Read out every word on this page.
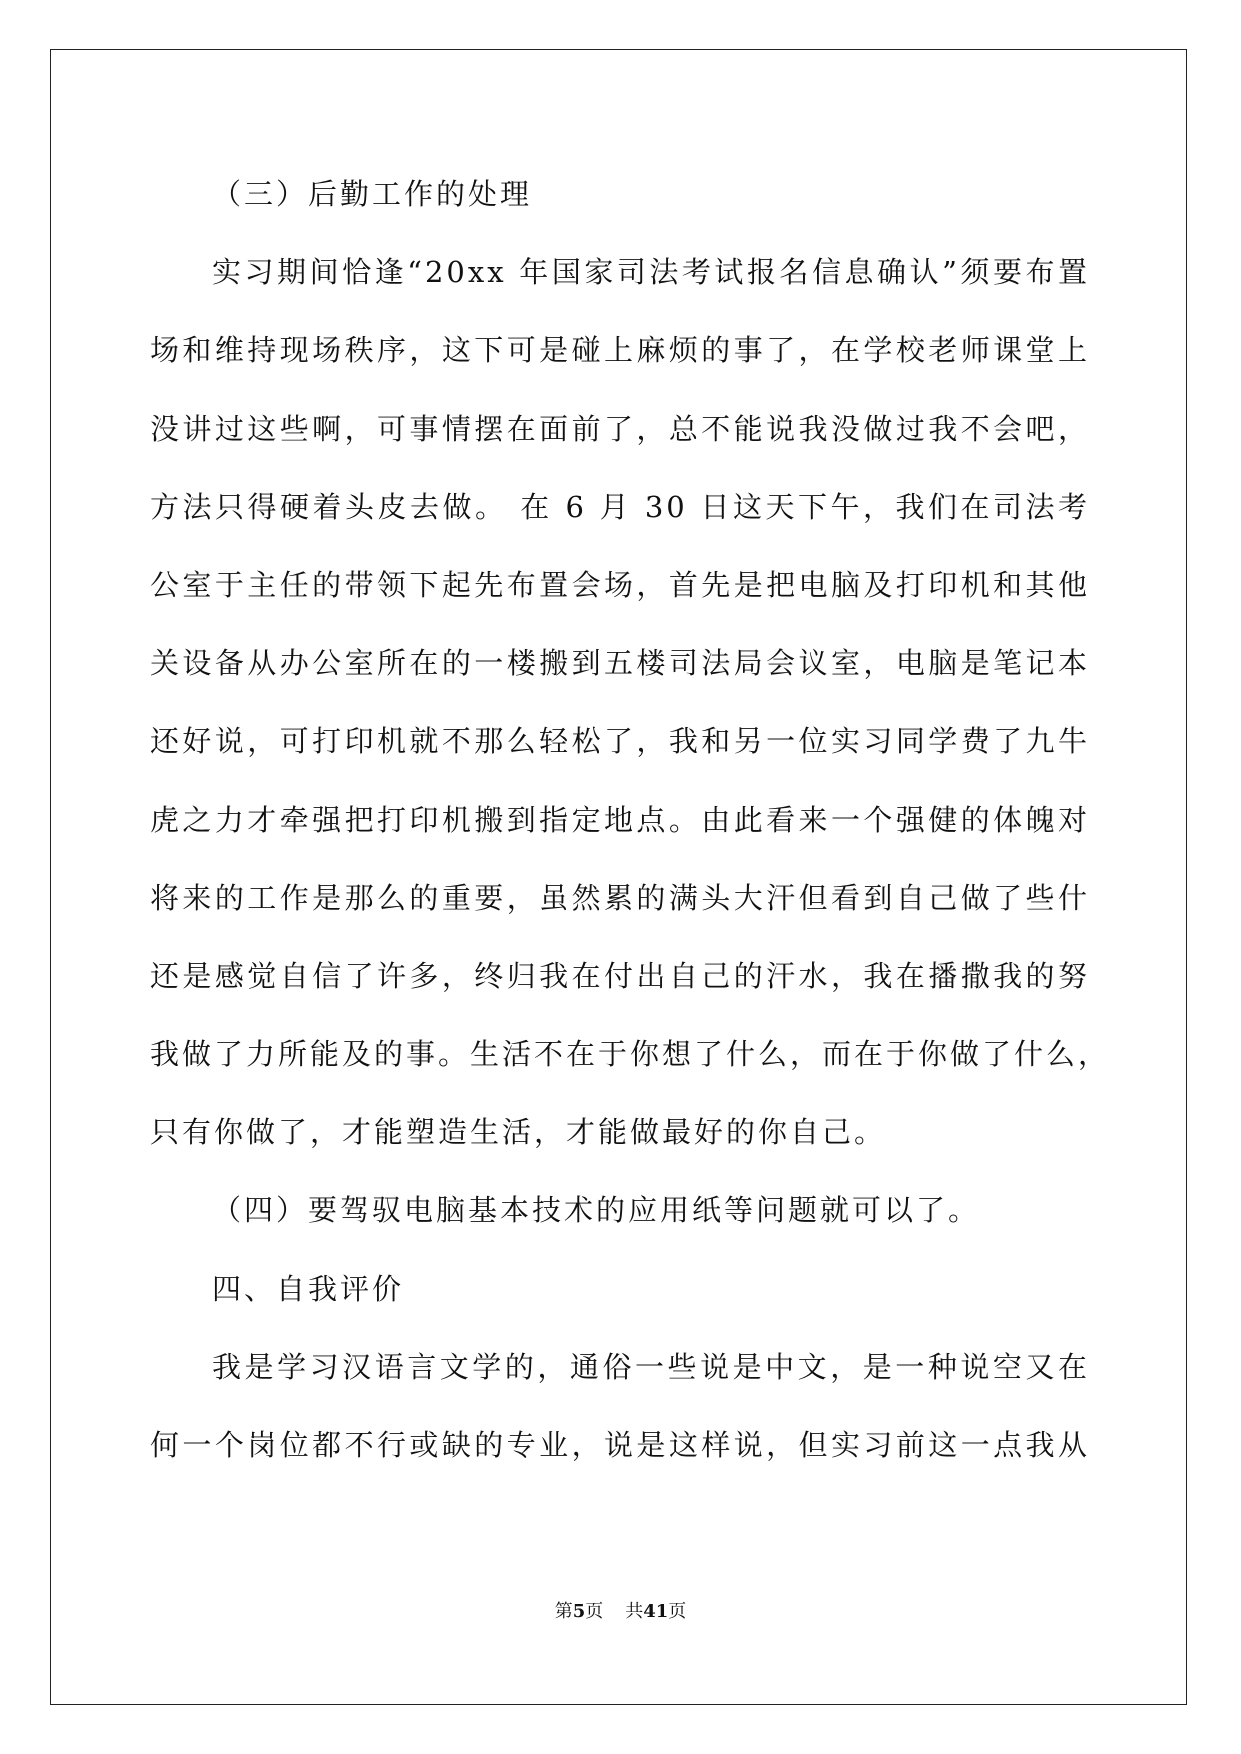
（三）后勤工作的处理
实习期间恰逢“20xx 年国家司法考试报名信息确认”须要布置
场和维持现场秩序，这下可是碰上麻烦的事了，在学校老师课堂上
没讲过这些啊，可事情摆在面前了，总不能说我没做过我不会吧，
方法只得硬着头皮去做。 在 6 月 30 日这天下午，我们在司法考
公室于主任的带领下起先布置会场，首先是把电脑及打印机和其他
关设备从办公室所在的一楼搬到五楼司法局会议室，电脑是笔记本
还好说，可打印机就不那么轻松了，我和另一位实习同学费了九牛
虎之力才牵强把打印机搬到指定地点。由此看来一个强健的体魄对
将来的工作是那么的重要，虽然累的满头大汗但看到自己做了些什
还是感觉自信了许多，终归我在付出自己的汗水，我在播撒我的努
我做了力所能及的事。生活不在于你想了什么，而在于你做了什么，
只有你做了，才能塑造生活，才能做最好的你自己。
（四）要驾驭电脑基本技术的应用纸等问题就可以了。
四、自我评价
我是学习汉语言文学的，通俗一些说是中文，是一种说空又在
何一个岗位都不行或缺的专业，说是这样说，但实习前这一点我从
第5页 共41页
